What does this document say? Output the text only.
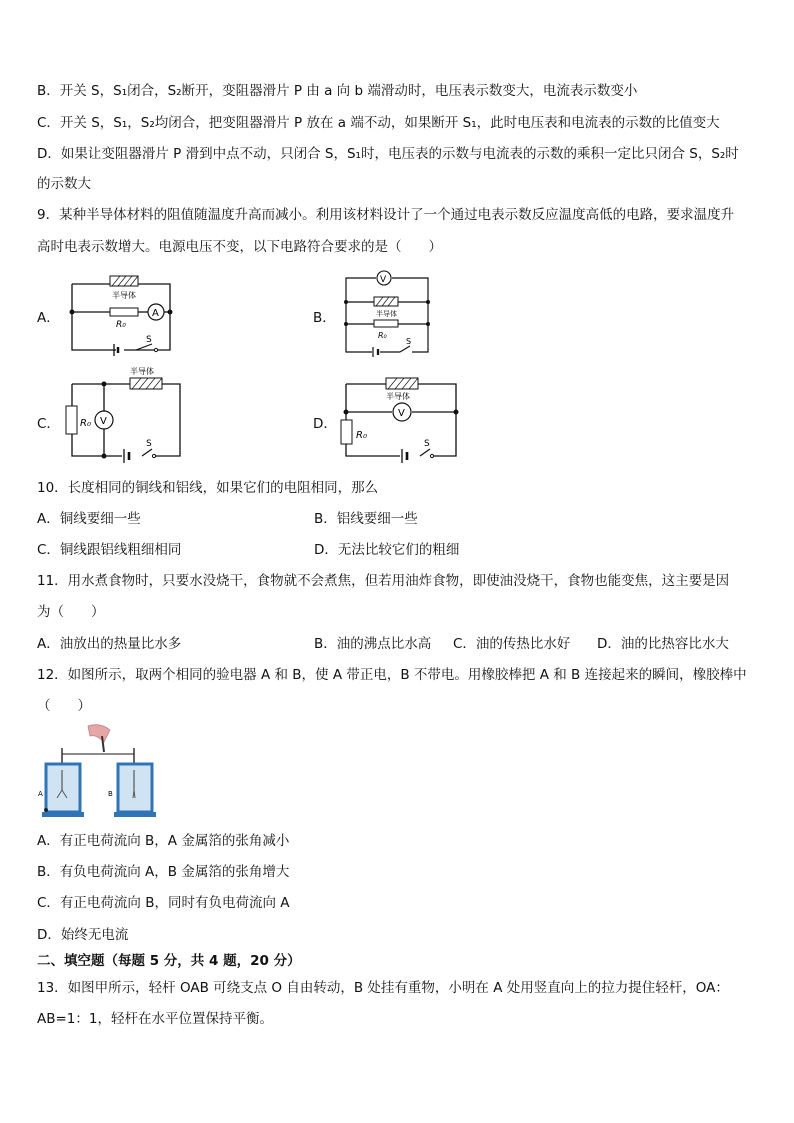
B．开关 S，S₁闭合，S₂断开，变阻器滑片 P 由 a 向 b 端滑动时，电压表示数变大，电流表示数变小
C．开关 S，S₁，S₂均闭合，把变阻器滑片 P 放在 a 端不动，如果断开 S₁，此时电压表和电流表的示数的比值变大
D．如果让变阻器滑片 P 滑到中点不动，只闭合 S，S₁时，电压表的示数与电流表的示数的乘积一定比只闭合 S，S₂时
的示数大
9．某种半导体材料的阻值随温度升高而减小。利用该材料设计了一个通过电表示数反应温度高低的电路，要求温度升
高时电表示数增大。电源电压不变，以下电路符合要求的是（　　）
A．
半导体
R₀
A
S
B．
V
半导体
R₀
S
C．
半导体
R₀ V
S
D．
半导体
V
R₀
S
10．长度相同的铜线和铝线，如果它们的电阻相同，那么
A．铜线要细一些	B．铝线要细一些
C．铜线跟铝线粗细相同	D．无法比较它们的粗细
11．用水煮食物时，只要水没烧干，食物就不会煮焦，但若用油炸食物，即使油没烧干，食物也能变焦，这主要是因
为（　　）
A．油放出的热量比水多	B．油的沸点比水高 C．油的传热比水好 D．油的比热容比水大
12．如图所示，取两个相同的验电器 A 和 B，使 A 带正电，B 不带电。用橡胶棒把 A 和 B 连接起来的瞬间，橡胶棒中
（　　）
A	B
A．有正电荷流向 B，A 金属箔的张角减小
B．有负电荷流向 A，B 金属箔的张角增大
C．有正电荷流向 B，同时有负电荷流向 A
D．始终无电流
二、填空题（每题 5 分，共 4 题，20 分）
13．如图甲所示，轻杆 OAB 可绕支点 O 自由转动，B 处挂有重物，小明在 A 处用竖直向上的拉力提住轻杆，OA：
AB=1：1，轻杆在水平位置保持平衡。
